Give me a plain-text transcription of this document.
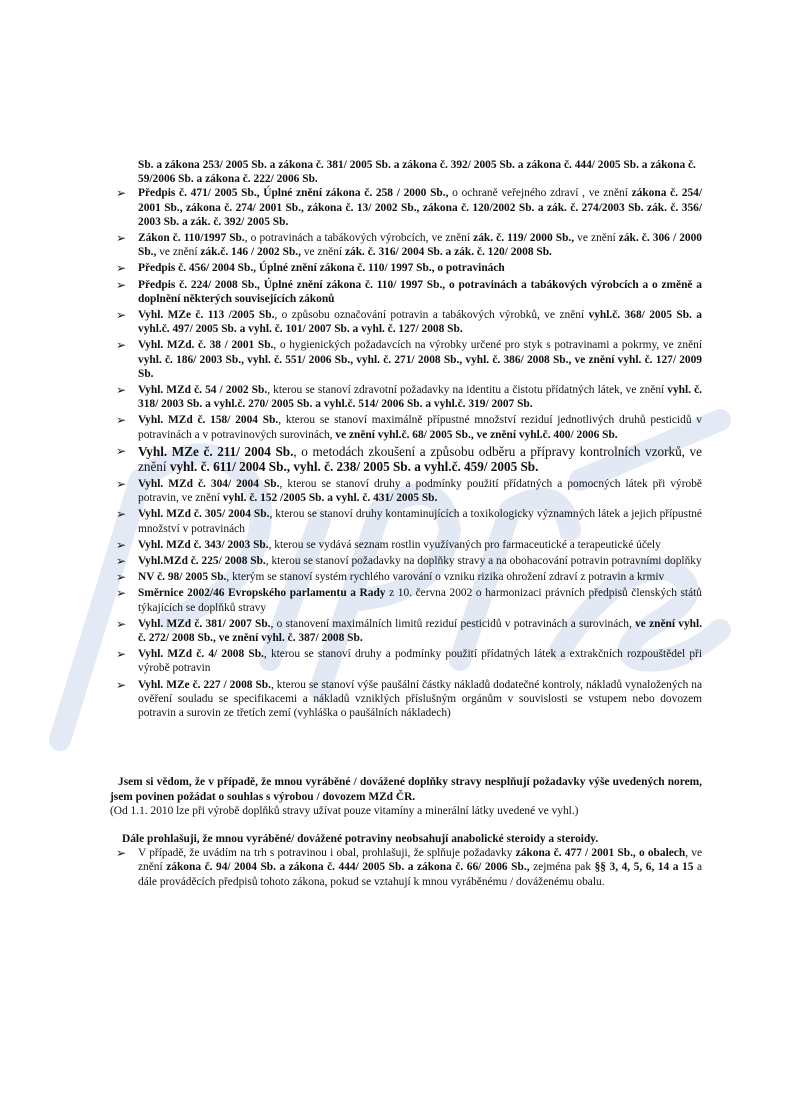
Sb. a zákona 253/ 2005 Sb. a zákona č. 381/ 2005 Sb. a zákona č. 392/ 2005 Sb. a zákona č. 444/ 2005 Sb. a zákona č. 59/2006 Sb. a zákona č. 222/ 2006 Sb.
➢ Předpis č. 471/ 2005 Sb., Úplné znění zákona č. 258 / 2000 Sb., o ochraně veřejného zdraví , ve znění zákona č. 254/ 2001 Sb., zákona č. 274/ 2001 Sb., zákona č. 13/ 2002 Sb., zákona č. 120/2002 Sb. a zák. č. 274/2003 Sb. zák. č. 356/ 2003 Sb. a zák. č. 392/ 2005 Sb.
➢ Zákon č. 110/1997 Sb., o potravinách a tabákových výrobcích, ve znění zák. č. 119/ 2000 Sb., ve znění zák. č. 306 / 2000 Sb., ve znění zák.č. 146 / 2002 Sb., ve znění zák. č. 316/ 2004 Sb. a zák. č. 120/ 2008 Sb.
➢ Předpis č. 456/ 2004 Sb., Úplné znění zákona č. 110/ 1997 Sb., o potravinách
➢ Předpis č. 224/ 2008 Sb., Úplné znění zákona č. 110/ 1997 Sb., o potravinách a tabákových výrobcích a o změně a doplnění některých souvisejících zákonů
➢ Vyhl. MZe č. 113 /2005 Sb., o způsobu označování potravin a tabákových výrobků, ve znění vyhl.č. 368/ 2005 Sb. a vyhl.č. 497/ 2005 Sb. a vyhl. č. 101/ 2007 Sb. a vyhl. č. 127/ 2008 Sb.
➢ Vyhl. MZd. č. 38 / 2001 Sb., o hygienických požadavcích na výrobky určené pro styk s potravinami a pokrmy, ve znění vyhl. č. 186/ 2003 Sb., vyhl. č. 551/ 2006 Sb., vyhl. č. 271/ 2008 Sb., vyhl. č. 386/ 2008 Sb., ve znění vyhl. č. 127/ 2009 Sb.
➢ Vyhl. MZd č. 54 / 2002 Sb., kterou se stanoví zdravotní požadavky na identitu a čistotu přídatných látek, ve znění vyhl. č. 318/ 2003 Sb. a vyhl.č. 270/ 2005 Sb. a vyhl.č. 514/ 2006 Sb. a vyhl.č. 319/ 2007 Sb.
➢ Vyhl. MZd č. 158/ 2004 Sb., kterou se stanoví maximálně přípustné množství reziduí jednotlivých druhů pesticidů v potravinách a v potravinových surovinách, ve znění vyhl.č. 68/ 2005 Sb., ve znění vyhl.č. 400/ 2006 Sb.
➢ Vyhl. MZe č. 211/ 2004 Sb., o metodách zkoušení a způsobu odběru a přípravy kontrolních vzorků, ve znění vyhl. č. 611/ 2004 Sb., vyhl. č. 238/ 2005 Sb. a vyhl.č. 459/ 2005 Sb.
➢ Vyhl. MZd č. 304/ 2004 Sb., kterou se stanoví druhy a podmínky použití přídatných a pomocných látek při výrobě potravin, ve znění vyhl. č. 152 /2005 Sb. a vyhl. č. 431/ 2005 Sb.
➢ Vyhl. MZd č. 305/ 2004 Sb., kterou se stanoví druhy kontaminujících a toxikologicky významných látek a jejich přípustné množství v potravinách
➢ Vyhl. MZd č. 343/ 2003 Sb., kterou se vydává seznam rostlin využívaných pro farmaceutické a terapeutické účely
➢ Vyhl.MZd č. 225/ 2008 Sb., kterou se stanoví požadavky na doplňky stravy a na obohacování potravin potravními doplňky
➢ NV č. 98/ 2005 Sb., kterým se stanoví systém rychlého varování o vzniku rizika ohrožení zdraví z potravin a krmiv
➢ Směrnice 2002/46 Evropského parlamentu a Rady z 10. června 2002 o harmonizaci právních předpisů členských států týkajících se doplňků stravy
➢ Vyhl. MZd č. 381/ 2007 Sb., o stanovení maximálních limitů reziduí pesticidů v potravinách a surovinách, ve znění vyhl. č. 272/ 2008 Sb., ve znění vyhl. č. 387/ 2008 Sb.
➢ Vyhl. MZd č. 4/ 2008 Sb., kterou se stanoví druhy a podmínky použití přídatných látek a extrakčních rozpouštědel při výrobě potravin
➢ Vyhl. MZe č. 227 / 2008 Sb., kterou se stanoví výše paušální částky nákladů dodatečné kontroly, nákladů vynaložených na ověření souladu se specifikacemi a nákladů vzniklých příslušným orgánům v souvislosti se vstupem nebo dovozem potravin a surovin ze třetích zemí (vyhláška o paušálních nákladech)

Jsem si vědom, že v případě, že mnou vyráběné / dovážené doplňky stravy nesplňují požadavky výše uvedených norem, jsem povinen požádat o souhlas s výrobou / dovozem MZd ČR.

(Od 1.1. 2010 lze při výrobě doplňků stravy užívat pouze vitamíny a minerální látky uvedené ve vyhl.)

Dále prohlašuji, že mnou vyráběné/ dovážené potraviny neobsahují anabolické steroidy a steroidy.

➢ V případě, že uvádím na trh s potravinou i obal, prohlašuji, že splňuje požadavky zákona č. 477 / 2001 Sb., o obalech, ve znění zákona č. 94/ 2004 Sb. a zákona č. 444/ 2005 Sb. a zákona č. 66/ 2006 Sb., zejména pak §§ 3, 4, 5, 6, 14 a 15 a dále prováděcích předpisů tohoto zákona, pokud se vztahují k mnou vyráběnému / dováženému obalu.
